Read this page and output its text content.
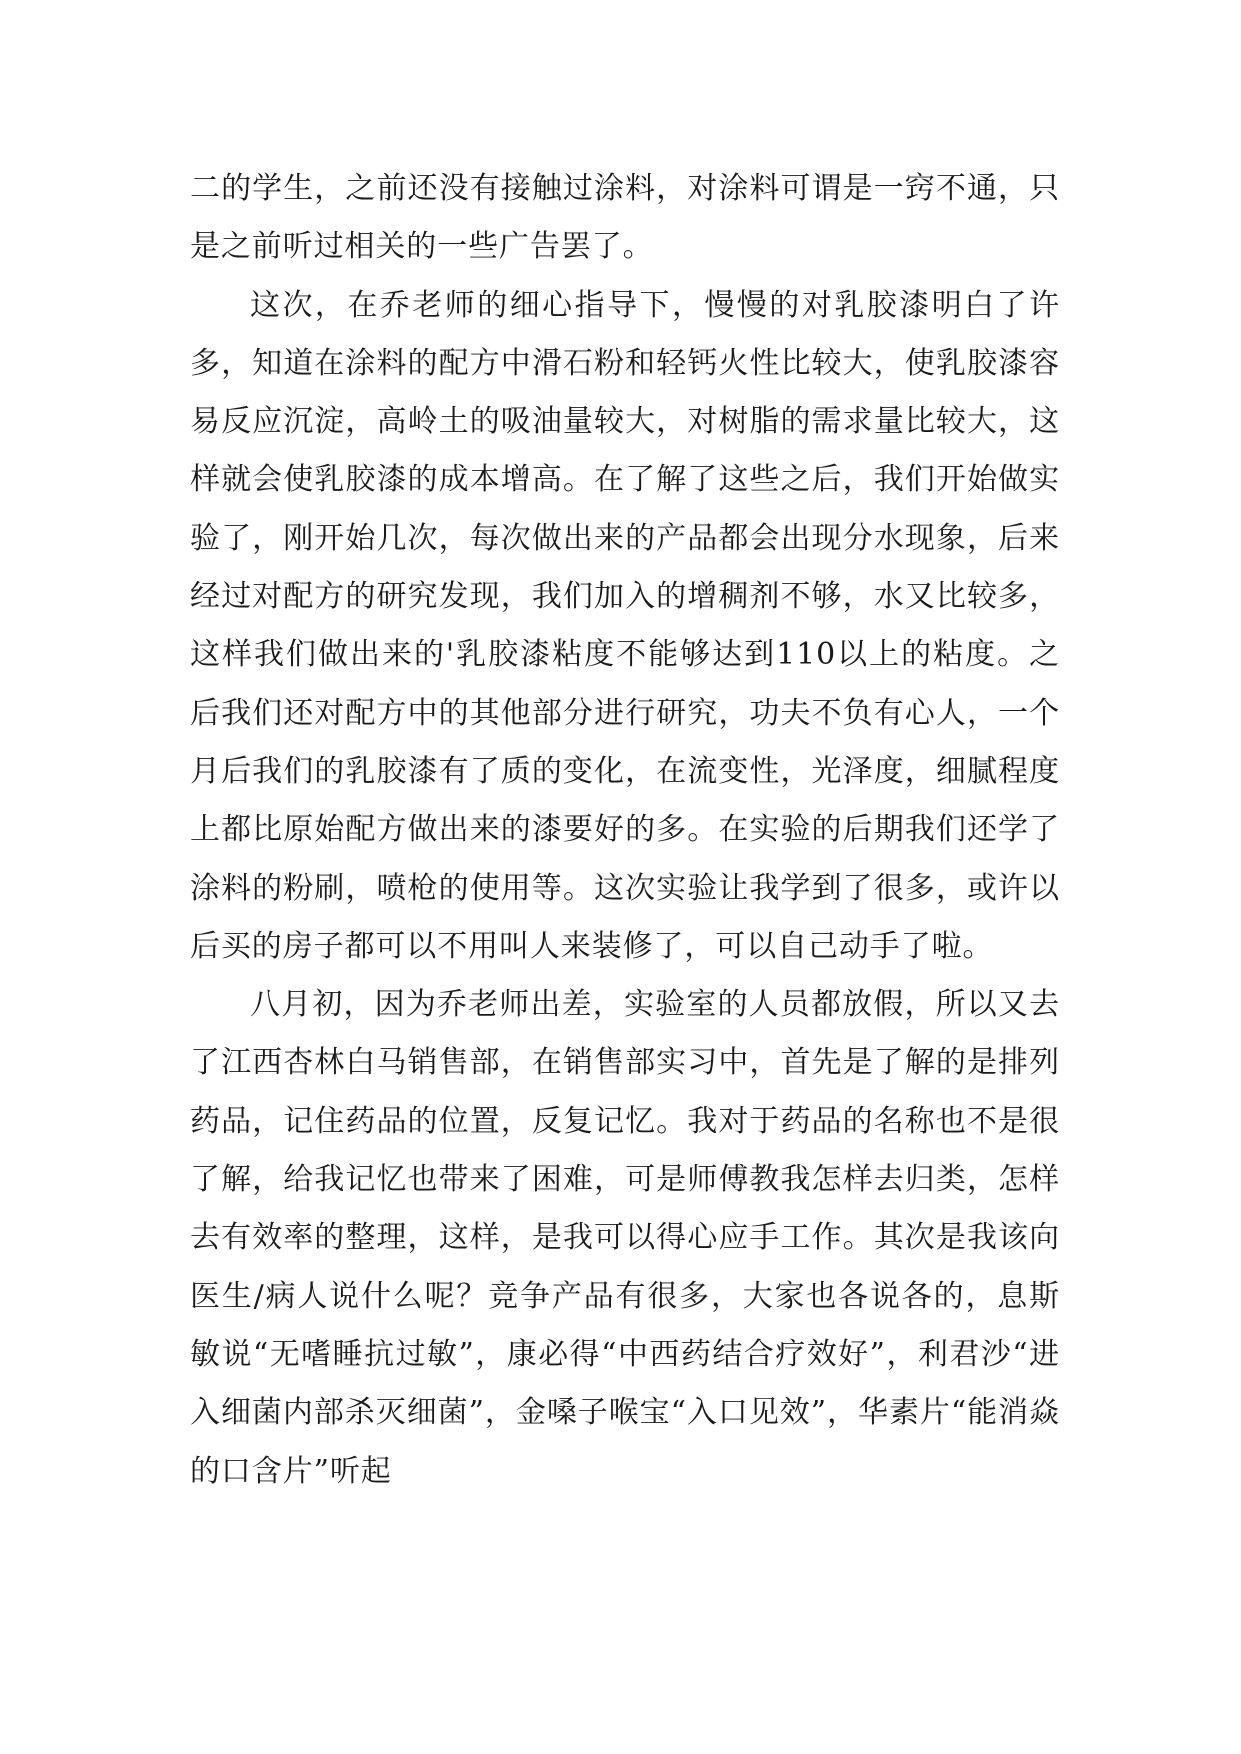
二的学生，之前还没有接触过涂料，对涂料可谓是一窍不通，只是之前听过相关的一些广告罢了。

这次，在乔老师的细心指导下，慢慢的对乳胶漆明白了许多，知道在涂料的配方中滑石粉和轻钙火性比较大，使乳胶漆容易反应沉淀，高岭土的吸油量较大，对树脂的需求量比较大，这样就会使乳胶漆的成本增高。在了解了这些之后，我们开始做实验了，刚开始几次，每次做出来的产品都会出现分水现象，后来经过对配方的研究发现，我们加入的增稠剂不够，水又比较多，这样我们做出来的'乳胶漆粘度不能够达到110以上的粘度。之后我们还对配方中的其他部分进行研究，功夫不负有心人，一个月后我们的乳胶漆有了质的变化，在流变性，光泽度，细腻程度上都比原始配方做出来的漆要好的多。在实验的后期我们还学了涂料的粉刷，喷枪的使用等。这次实验让我学到了很多，或许以后买的房子都可以不用叫人来装修了，可以自己动手了啦。

八月初，因为乔老师出差，实验室的人员都放假，所以又去了江西杏林白马销售部，在销售部实习中，首先是了解的是排列药品，记住药品的位置，反复记忆。我对于药品的名称也不是很了解，给我记忆也带来了困难，可是师傅教我怎样去归类，怎样去有效率的整理，这样，是我可以得心应手工作。其次是我该向医生/病人说什么呢？竞争产品有很多，大家也各说各的，息斯敏说“无嗜睡抗过敏”，康必得“中西药结合疗效好”，利君沙“进入细菌内部杀灭细菌”，金嗓子喉宝“入口见效”，华素片“能消焱的口含片”听起
